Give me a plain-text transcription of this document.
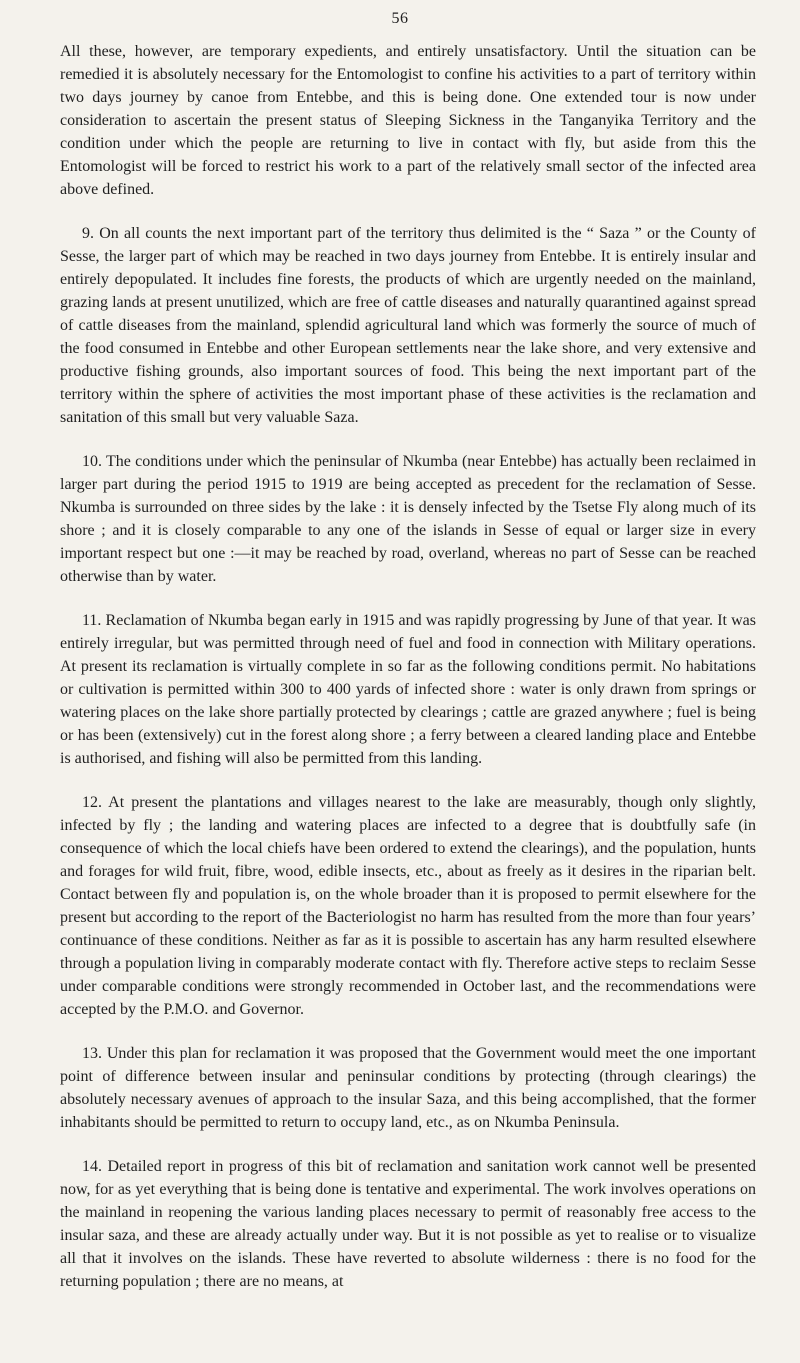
56

All these, however, are temporary expedients, and entirely unsatisfactory. Until the situation can be remedied it is absolutely necessary for the Entomologist to confine his activities to a part of territory within two days journey by canoe from Entebbe, and this is being done. One extended tour is now under consideration to ascertain the present status of Sleeping Sickness in the Tanganyika Territory and the condition under which the people are returning to live in contact with fly, but aside from this the Entomologist will be forced to restrict his work to a part of the relatively small sector of the infected area above defined.

9. On all counts the next important part of the territory thus delimited is the “ Saza ” or the County of Sesse, the larger part of which may be reached in two days journey from Entebbe. It is entirely insular and entirely depopulated. It includes fine forests, the products of which are urgently needed on the mainland, grazing lands at present unutilized, which are free of cattle diseases and naturally quarantined against spread of cattle diseases from the mainland, splendid agricultural land which was formerly the source of much of the food consumed in Entebbe and other European settlements near the lake shore, and very extensive and productive fishing grounds, also important sources of food. This being the next important part of the territory within the sphere of activities the most important phase of these activities is the reclamation and sanitation of this small but very valuable Saza.

10. The conditions under which the peninsular of Nkumba (near Entebbe) has actually been reclaimed in larger part during the period 1915 to 1919 are being accepted as precedent for the reclamation of Sesse. Nkumba is surrounded on three sides by the lake : it is densely infected by the Tsetse Fly along much of its shore ; and it is closely comparable to any one of the islands in Sesse of equal or larger size in every important respect but one :—it may be reached by road, overland, whereas no part of Sesse can be reached otherwise than by water.

11. Reclamation of Nkumba began early in 1915 and was rapidly progressing by June of that year. It was entirely irregular, but was permitted through need of fuel and food in connection with Military operations. At present its reclamation is virtually complete in so far as the following conditions permit. No habitations or cultivation is permitted within 300 to 400 yards of infected shore : water is only drawn from springs or watering places on the lake shore partially protected by clearings ; cattle are grazed anywhere ; fuel is being or has been (extensively) cut in the forest along shore ; a ferry between a cleared landing place and Entebbe is authorised, and fishing will also be permitted from this landing.

12. At present the plantations and villages nearest to the lake are measurably, though only slightly, infected by fly ; the landing and watering places are infected to a degree that is doubtfully safe (in consequence of which the local chiefs have been ordered to extend the clearings), and the population, hunts and forages for wild fruit, fibre, wood, edible insects, etc., about as freely as it desires in the riparian belt. Contact between fly and population is, on the whole broader than it is proposed to permit elsewhere for the present but according to the report of the Bacteriologist no harm has resulted from the more than four years’ continuance of these conditions. Neither as far as it is possible to ascertain has any harm resulted elsewhere through a population living in comparably moderate contact with fly. Therefore active steps to reclaim Sesse under comparable conditions were strongly recommended in October last, and the recommendations were accepted by the P.M.O. and Governor.

13. Under this plan for reclamation it was proposed that the Government would meet the one important point of difference between insular and peninsular conditions by protecting (through clearings) the absolutely necessary avenues of approach to the insular Saza, and this being accomplished, that the former inhabitants should be permitted to return to occupy land, etc., as on Nkumba Peninsula.

14. Detailed report in progress of this bit of reclamation and sanitation work cannot well be presented now, for as yet everything that is being done is tentative and experimental. The work involves operations on the mainland in reopening the various landing places necessary to permit of reasonably free access to the insular saza, and these are already actually under way. But it is not possible as yet to realise or to visualize all that it involves on the islands. These have reverted to absolute wilderness : there is no food for the returning population ; there are no means, at
